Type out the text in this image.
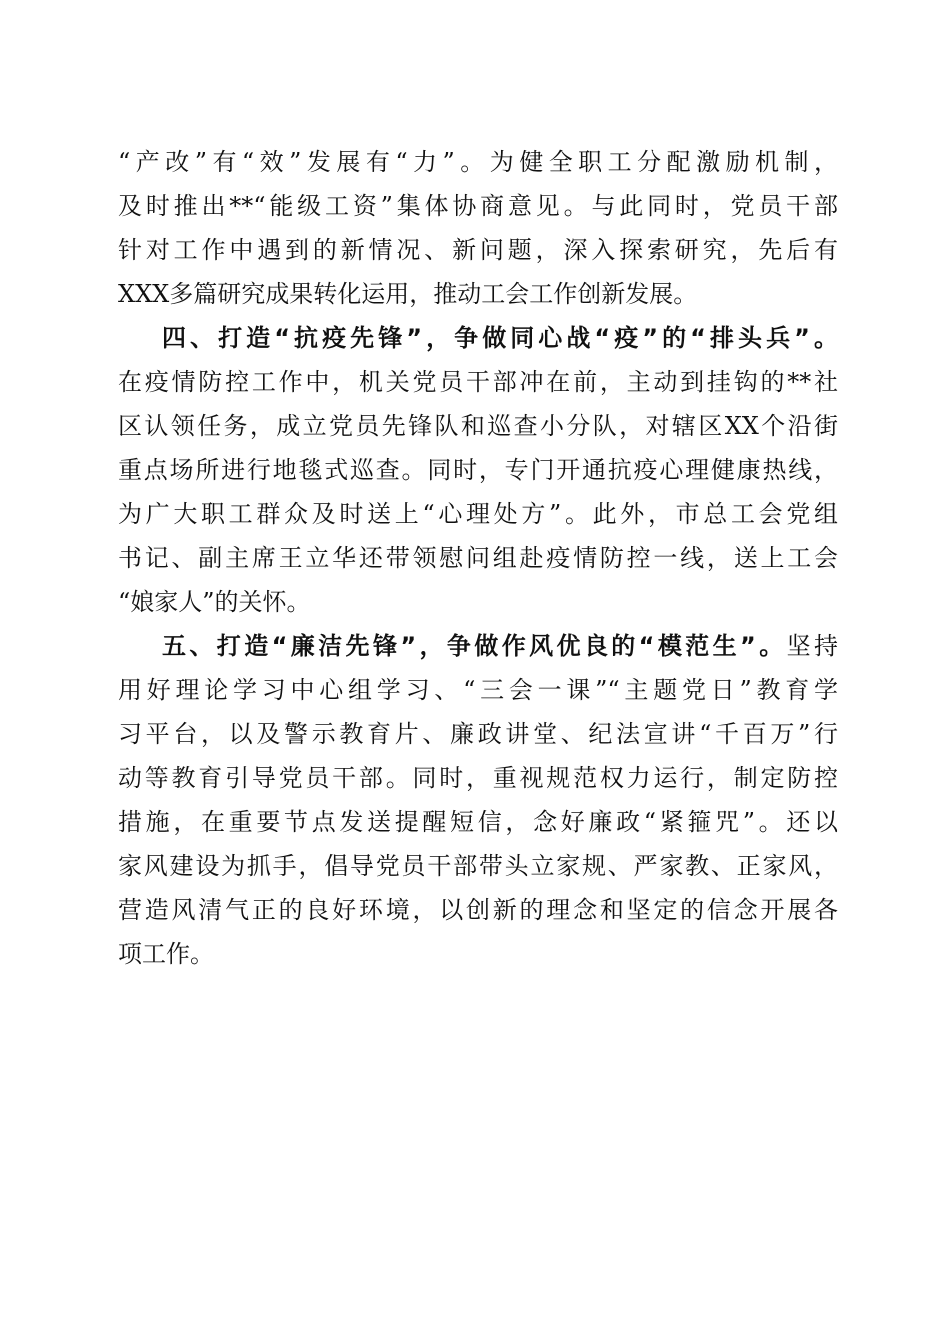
“产改”有“效”发展有“力”。为健全职工分配激励机制，
及时推出**“能级工资”集体协商意见。与此同时，党员干部
针对工作中遇到的新情况、新问题，深入探索研究，先后有
XXX多篇研究成果转化运用，推动工会工作创新发展。
四、打造“抗疫先锋”，争做同心战“疫”的“排头兵”。
在疫情防控工作中，机关党员干部冲在前，主动到挂钩的**社
区认领任务，成立党员先锋队和巡查小分队，对辖区XX个沿街
重点场所进行地毯式巡查。同时，专门开通抗疫心理健康热线，
为广大职工群众及时送上“心理处方”。此外，市总工会党组
书记、副主席王立华还带领慰问组赴疫情防控一线，送上工会
“娘家人”的关怀。
五、打造“廉洁先锋”，争做作风优良的“模范生”。坚持
用好理论学习中心组学习、“三会一课”“主题党日”教育学
习平台，以及警示教育片、廉政讲堂、纪法宣讲“千百万”行
动等教育引导党员干部。同时，重视规范权力运行，制定防控
措施，在重要节点发送提醒短信，念好廉政“紧箍咒”。还以
家风建设为抓手，倡导党员干部带头立家规、严家教、正家风，
营造风清气正的良好环境，以创新的理念和坚定的信念开展各
项工作。
